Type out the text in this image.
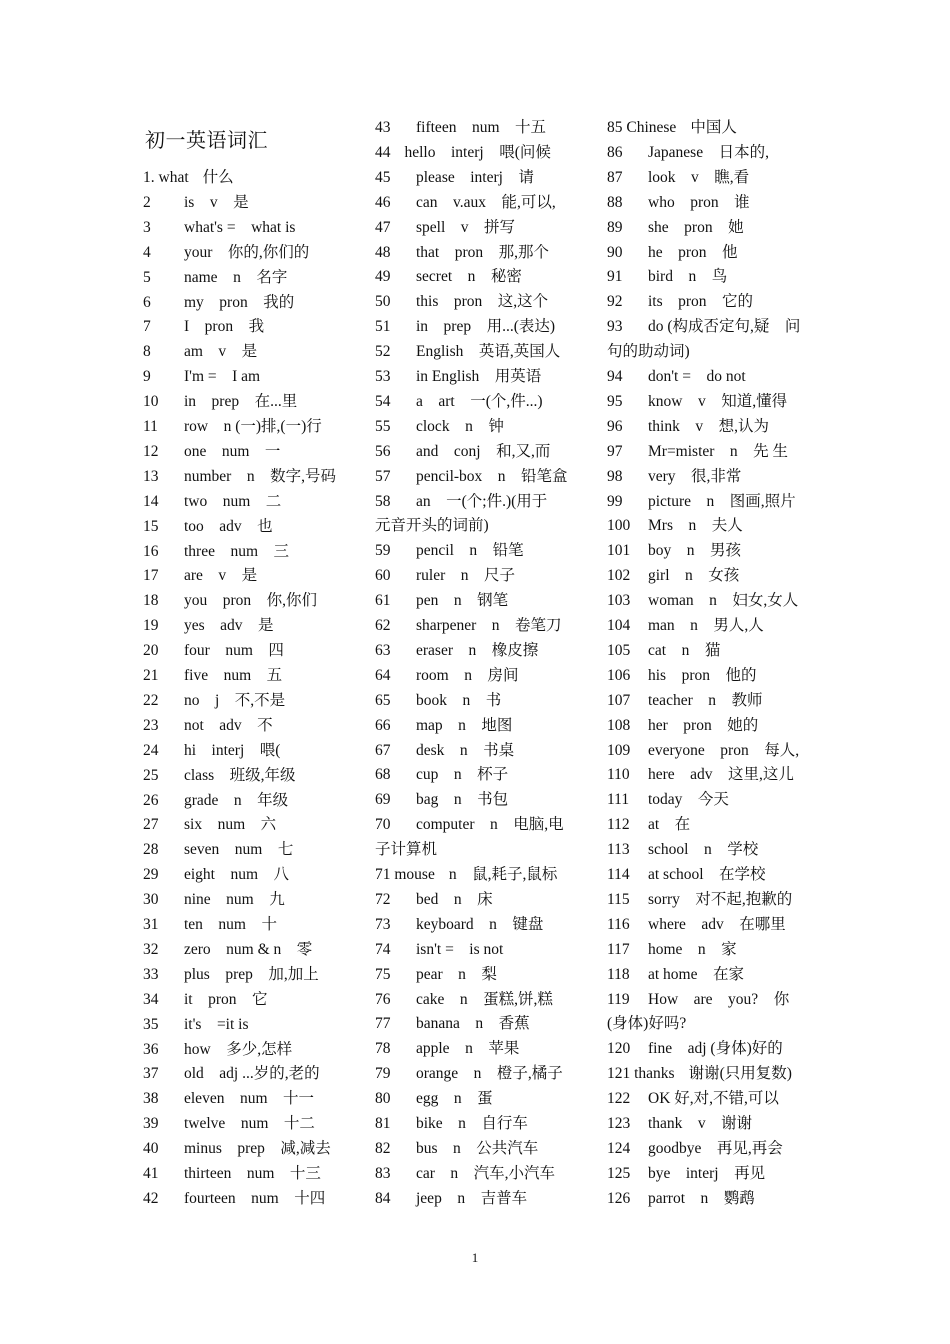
初一英语词汇
1. what 什么
2 is　v　是
3 what's =　what is
4 your　你的,你们的
5 name　n　名字
6 my　pron　我的
7 I　pron　我
8 am　v　是
9 I'm =　I am
10 in　prep　在...里
11 row　n (一)排,(一)行
12 one　num　一
13 number　n　数字,号码
14 two　num　二
15 too　adv　也
16 three　num　三
17 are　v　是
18 you　pron　你,你们
19 yes　adv　是
20 four　num　四
21 five　num　五
22 no　j　不,不是
23 not　adv　不
24 hi　interj　喂(
25 class　班级,年级
26 grade　n　年级
27 six　num　六
28 seven　num　七
29 eight　num　八
30 nine　num　九
31 ten　num　十
32 zero　num & n　零
33 plus　prep　加,加上
34 it　pron　它
35 it's　=it is
36 how　多少,怎样
37 old　adj ...岁的,老的
38 eleven　num　十一
39 twelve　num　十二
40 minus　prep　减,减去
41 thirteen　num　十三
42 fourteen　num　十四
43 fifteen　num　十五
44 hello　interj　喂(问候
45 please　interj　请
46 can　v.aux　能,可以,
47 spell　v　拼写
48 that　pron　那,那个
49 secret　n　秘密
50 this　pron　这,这个
51 in　prep　用...(表达)
52 English　英语,英国人
53 in English　用英语
54 a　art　一(个,件...)
55 clock　n　钟
56 and　conj　和,又,而
57 pencil-box　n　铅笔盒
58 an　一(个;件.)(用于
元音开头的词前)
59 pencil　n　铅笔
60 ruler　n　尺子
61 pen　n　钢笔
62 sharpener　n　卷笔刀
63 eraser　n　橡皮擦
64 room　n　房间
65 book　n　书
66 map　n　地图
67 desk　n　书桌
68 cup　n　杯子
69 bag　n　书包
70 computer　n　电脑,电
子计算机
71 mouse n　鼠,耗子,鼠标
72 bed　n　床
73 keyboard　n　键盘
74 isn't =　is not
75 pear　n　梨
76 cake　n　蛋糕,饼,糕
77 banana　n　香蕉
78 apple　n　苹果
79 orange　n　橙子,橘子
80 egg　n　蛋
81 bike　n　自行车
82 bus　n　公共汽车
83 car　n　汽车,小汽车
84 jeep　n　吉普车
85 Chinese 中国人
86 Japanese　日本的,
87 look　v　瞧,看
88 who　pron　谁
89 she　pron　她
90 he　pron　他
91 bird　n　鸟
92 its　pron　它的
93 do (构成否定句,疑　问
句的助动词)
94 don't =　do not
95 know　v　知道,懂得
96 think　v　想,认为
97 Mr=mister　n　先 生
98 very　很,非常
99 picture　n　图画,照片
100 Mrs　n　夫人
101 boy　n　男孩
102 girl　n　女孩
103 woman　n　妇女,女人
104 man　n　男人,人
105 cat　n　猫
106 his　pron　他的
107 teacher　n　教师
108 her　pron　她的
109 everyone　pron　每人,
110 here　adv　这里,这儿
111 today　今天
112 at　在
113 school　n　学校
114 at school　在学校
115 sorry　对不起,抱歉的
116 where　adv　在哪里
117 home　n　家
118 at home　在家
119 How　are　you?　你
(身体)好吗?
120 fine　adj (身体)好的
121 thanks 谢谢(只用复数)
122 OK 好,对,不错,可以
123 thank　v　谢谢
124 goodbye　再见,再会
125 bye　interj　再见
126 parrot　n　鹦鹉
1
